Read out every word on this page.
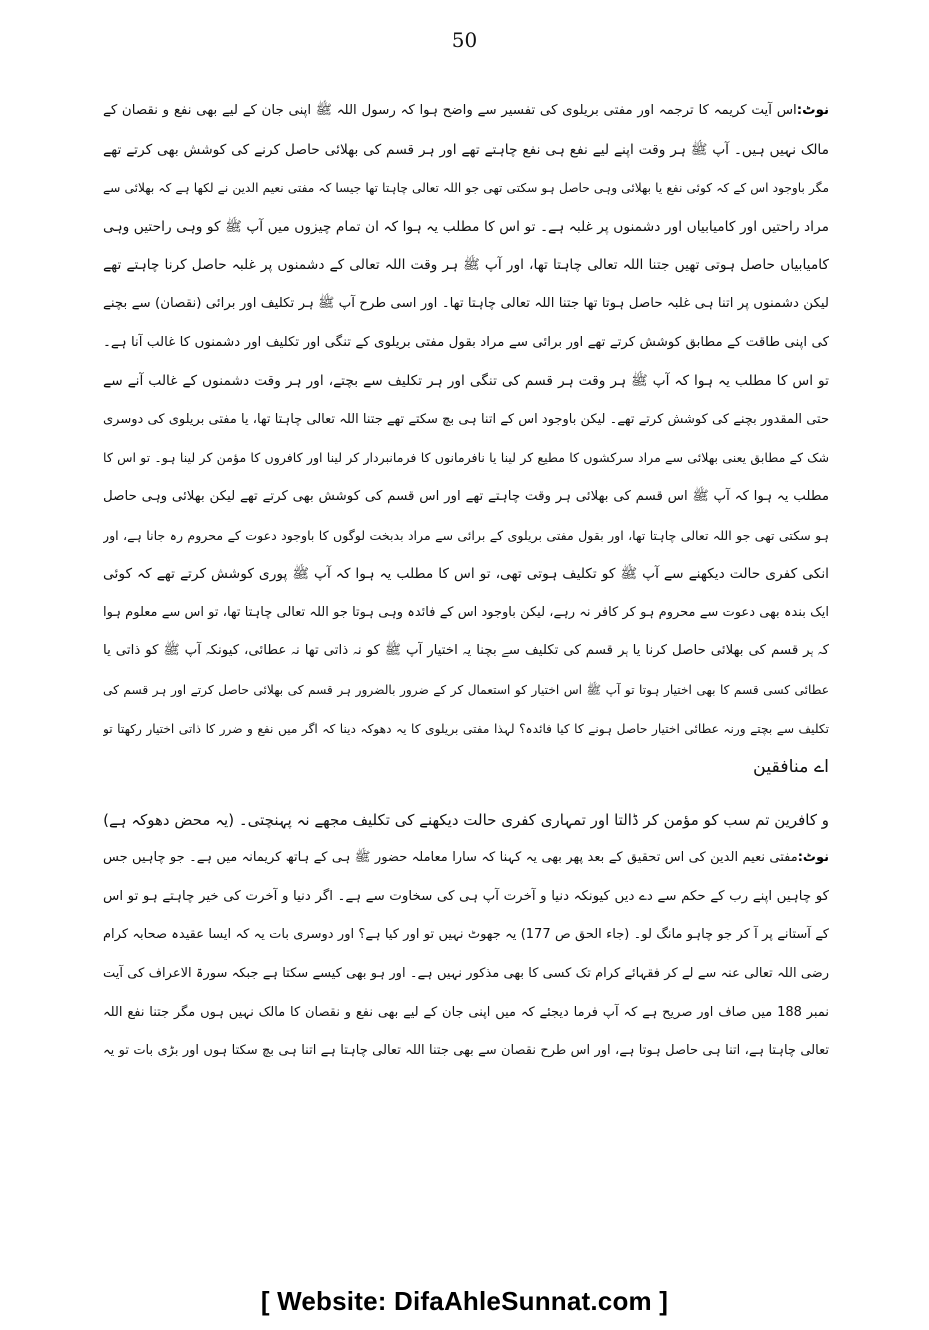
50
نوٹ:اس آیت کریمہ کا ترجمہ اور مفتی بریلوی کی تفسیر سے واضح ہوا کہ رسول اللہ ﷺ اپنی جان کے لیے بھی نفع و نقصان کے
مالک نہیں ہیں۔ آپ ﷺ ہر وقت اپنے لیے نفع ہی نفع چاہتے تھے اور ہر قسم کی بھلائی حاصل کرنے کی کوشش بھی کرتے تھے
مگر باوجود اس کے کہ کوئی نفع یا بھلائی وہی حاصل ہو سکتی تھی جو اللہ تعالی چاہتا تھا جیسا کہ مفتی نعیم الدین نے لکھا ہے کہ بھلائی سے
مراد راحتیں اور کامیابیاں اور دشمنوں پر غلبہ ہے۔ تو اس کا مطلب یہ ہوا کہ ان تمام چیزوں میں آپ ﷺ کو وہی راحتیں وہی
کامیابیاں حاصل ہوتی تھیں جتنا اللہ تعالی چاہتا تھا، اور آپ ﷺ ہر وقت اللہ تعالی کے دشمنوں پر غلبہ حاصل کرنا چاہتے تھے
لیکن دشمنوں پر اتنا ہی غلبہ حاصل ہوتا تھا جتنا اللہ تعالی چاہتا تھا۔ اور اسی طرح آپ ﷺ ہر تکلیف اور برائی (نقصان) سے بچنے
کی اپنی طاقت کے مطابق کوشش کرتے تھے اور برائی سے مراد بقول مفتی بریلوی کے تنگی اور تکلیف اور دشمنوں کا غالب آنا ہے۔
تو اس کا مطلب یہ ہوا کہ آپ ﷺ ہر وقت ہر قسم کی تنگی اور ہر تکلیف سے بچتے، اور ہر وقت دشمنوں کے غالب آنے سے
حتی المقدور بچنے کی کوشش کرتے تھے۔ لیکن باوجود اس کے اتنا ہی بچ سکتے تھے جتنا اللہ تعالی چاہتا تھا، یا مفتی بریلوی کی دوسری
شک کے مطابق یعنی بھلائی سے مراد سرکشوں کا مطیع کر لینا یا نافرمانوں کا فرمانبردار کر لینا اور کافروں کا مؤمن کر لینا ہو۔ تو اس کا
مطلب یہ ہوا کہ آپ ﷺ اس قسم کی بھلائی ہر وقت چاہتے تھے اور اس قسم کی کوشش بھی کرتے تھے لیکن بھلائی وہی حاصل
ہو سکتی تھی جو اللہ تعالی چاہتا تھا، اور بقول مفتی بریلوی کے برائی سے مراد بدبخت لوگوں کا باوجود دعوت کے محروم رہ جانا ہے، اور
انکی کفری حالت دیکھنے سے آپ ﷺ کو تکلیف ہوتی تھی، تو اس کا مطلب یہ ہوا کہ آپ ﷺ پوری کوشش کرتے تھے کہ کوئی
ایک بندہ بھی دعوت سے محروم ہو کر کافر نہ رہے، لیکن باوجود اس کے فائدہ وہی ہوتا جو اللہ تعالی چاہتا تھا، تو اس سے معلوم ہوا
کہ ہر قسم کی بھلائی حاصل کرنا یا ہر قسم کی تکلیف سے بچنا یہ اختیار آپ ﷺ کو نہ ذاتی تھا نہ عطائی، کیونکہ آپ ﷺ کو ذاتی یا
عطائی کسی قسم کا بھی اختیار ہوتا تو آپ ﷺ اس اختیار کو استعمال کر کے ضرور بالضرور ہر قسم کی بھلائی حاصل کرتے اور ہر قسم کی
تکلیف سے بچتے ورنہ عطائی اختیار حاصل ہونے کا کیا فائدہ؟ لہذا مفتی بریلوی کا یہ دھوکہ دینا کہ اگر میں نفع و ضرر کا ذاتی اختیار رکھتا تو
اے منافقین
و کافرین تم سب کو مؤمن کر ڈالتا اور تمہاری کفری حالت دیکھنے کی تکلیف مجھے نہ پہنچتی۔ (یہ محض دھوکہ ہے)
نوٹ:مفتی نعیم الدین کی اس تحقیق کے بعد پھر بھی یہ کہنا کہ سارا معاملہ حضور ﷺ ہی کے ہاتھ کریمانہ میں ہے۔ جو چاہیں جس
کو چاہیں اپنے رب کے حکم سے دے دیں کیونکہ دنیا و آخرت آپ ہی کی سخاوت سے ہے۔ اگر دنیا و آخرت کی خیر چاہتے ہو تو اس
کے آستانے پر آ کر جو چاہو مانگ لو۔ (جاء الحق ص 177) یہ جھوٹ نہیں تو اور کیا ہے؟ اور دوسری بات یہ کہ ایسا عقیدہ صحابہ کرام
رضی اللہ تعالی عنہ سے لے کر فقہائے کرام تک کسی کا بھی مذکور نہیں ہے۔ اور ہو بھی کیسے سکتا ہے جبکہ سورۃ الاعراف کی آیت
نمبر 188 میں صاف اور صریح ہے کہ آپ فرما دیجئے کہ میں اپنی جان کے لیے بھی نفع و نقصان کا مالک نہیں ہوں مگر جتنا نفع اللہ
تعالی چاہتا ہے، اتنا ہی حاصل ہوتا ہے، اور اس طرح نقصان سے بھی جتنا اللہ تعالی چاہتا ہے اتنا ہی بچ سکتا ہوں اور بڑی بات تو یہ
[ Website: DifaAhleSunnat.com ]
